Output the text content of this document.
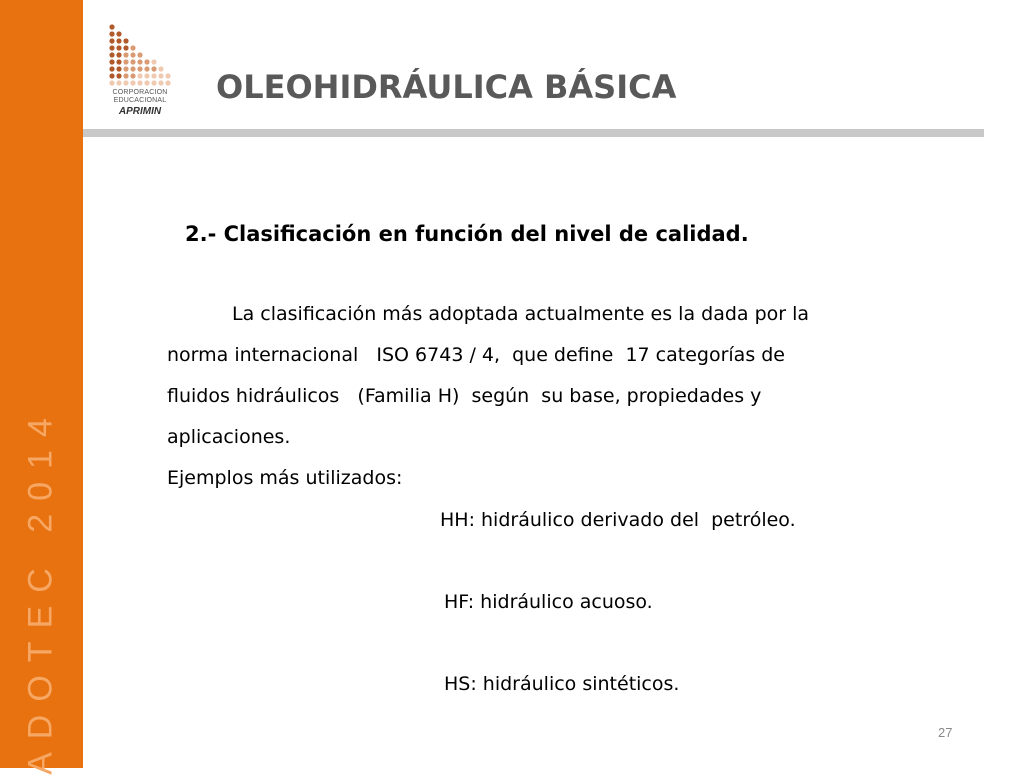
ADOTEC 2014
CORPORACION
EDUCACIONAL
APRIMIN
OLEOHIDRÁULICA BÁSICA
2.- Clasificación en función del nivel de calidad.

La clasificación más adoptada actualmente es la dada por la

norma internacional   ISO 6743 / 4,  que define  17 categorías de

fluidos hidráulicos   (Familia H)  según  su base, propiedades y

aplicaciones.

Ejemplos más utilizados:

HH: hidráulico derivado del  petróleo.

HF: hidráulico acuoso.

HS: hidráulico sintéticos.

27
